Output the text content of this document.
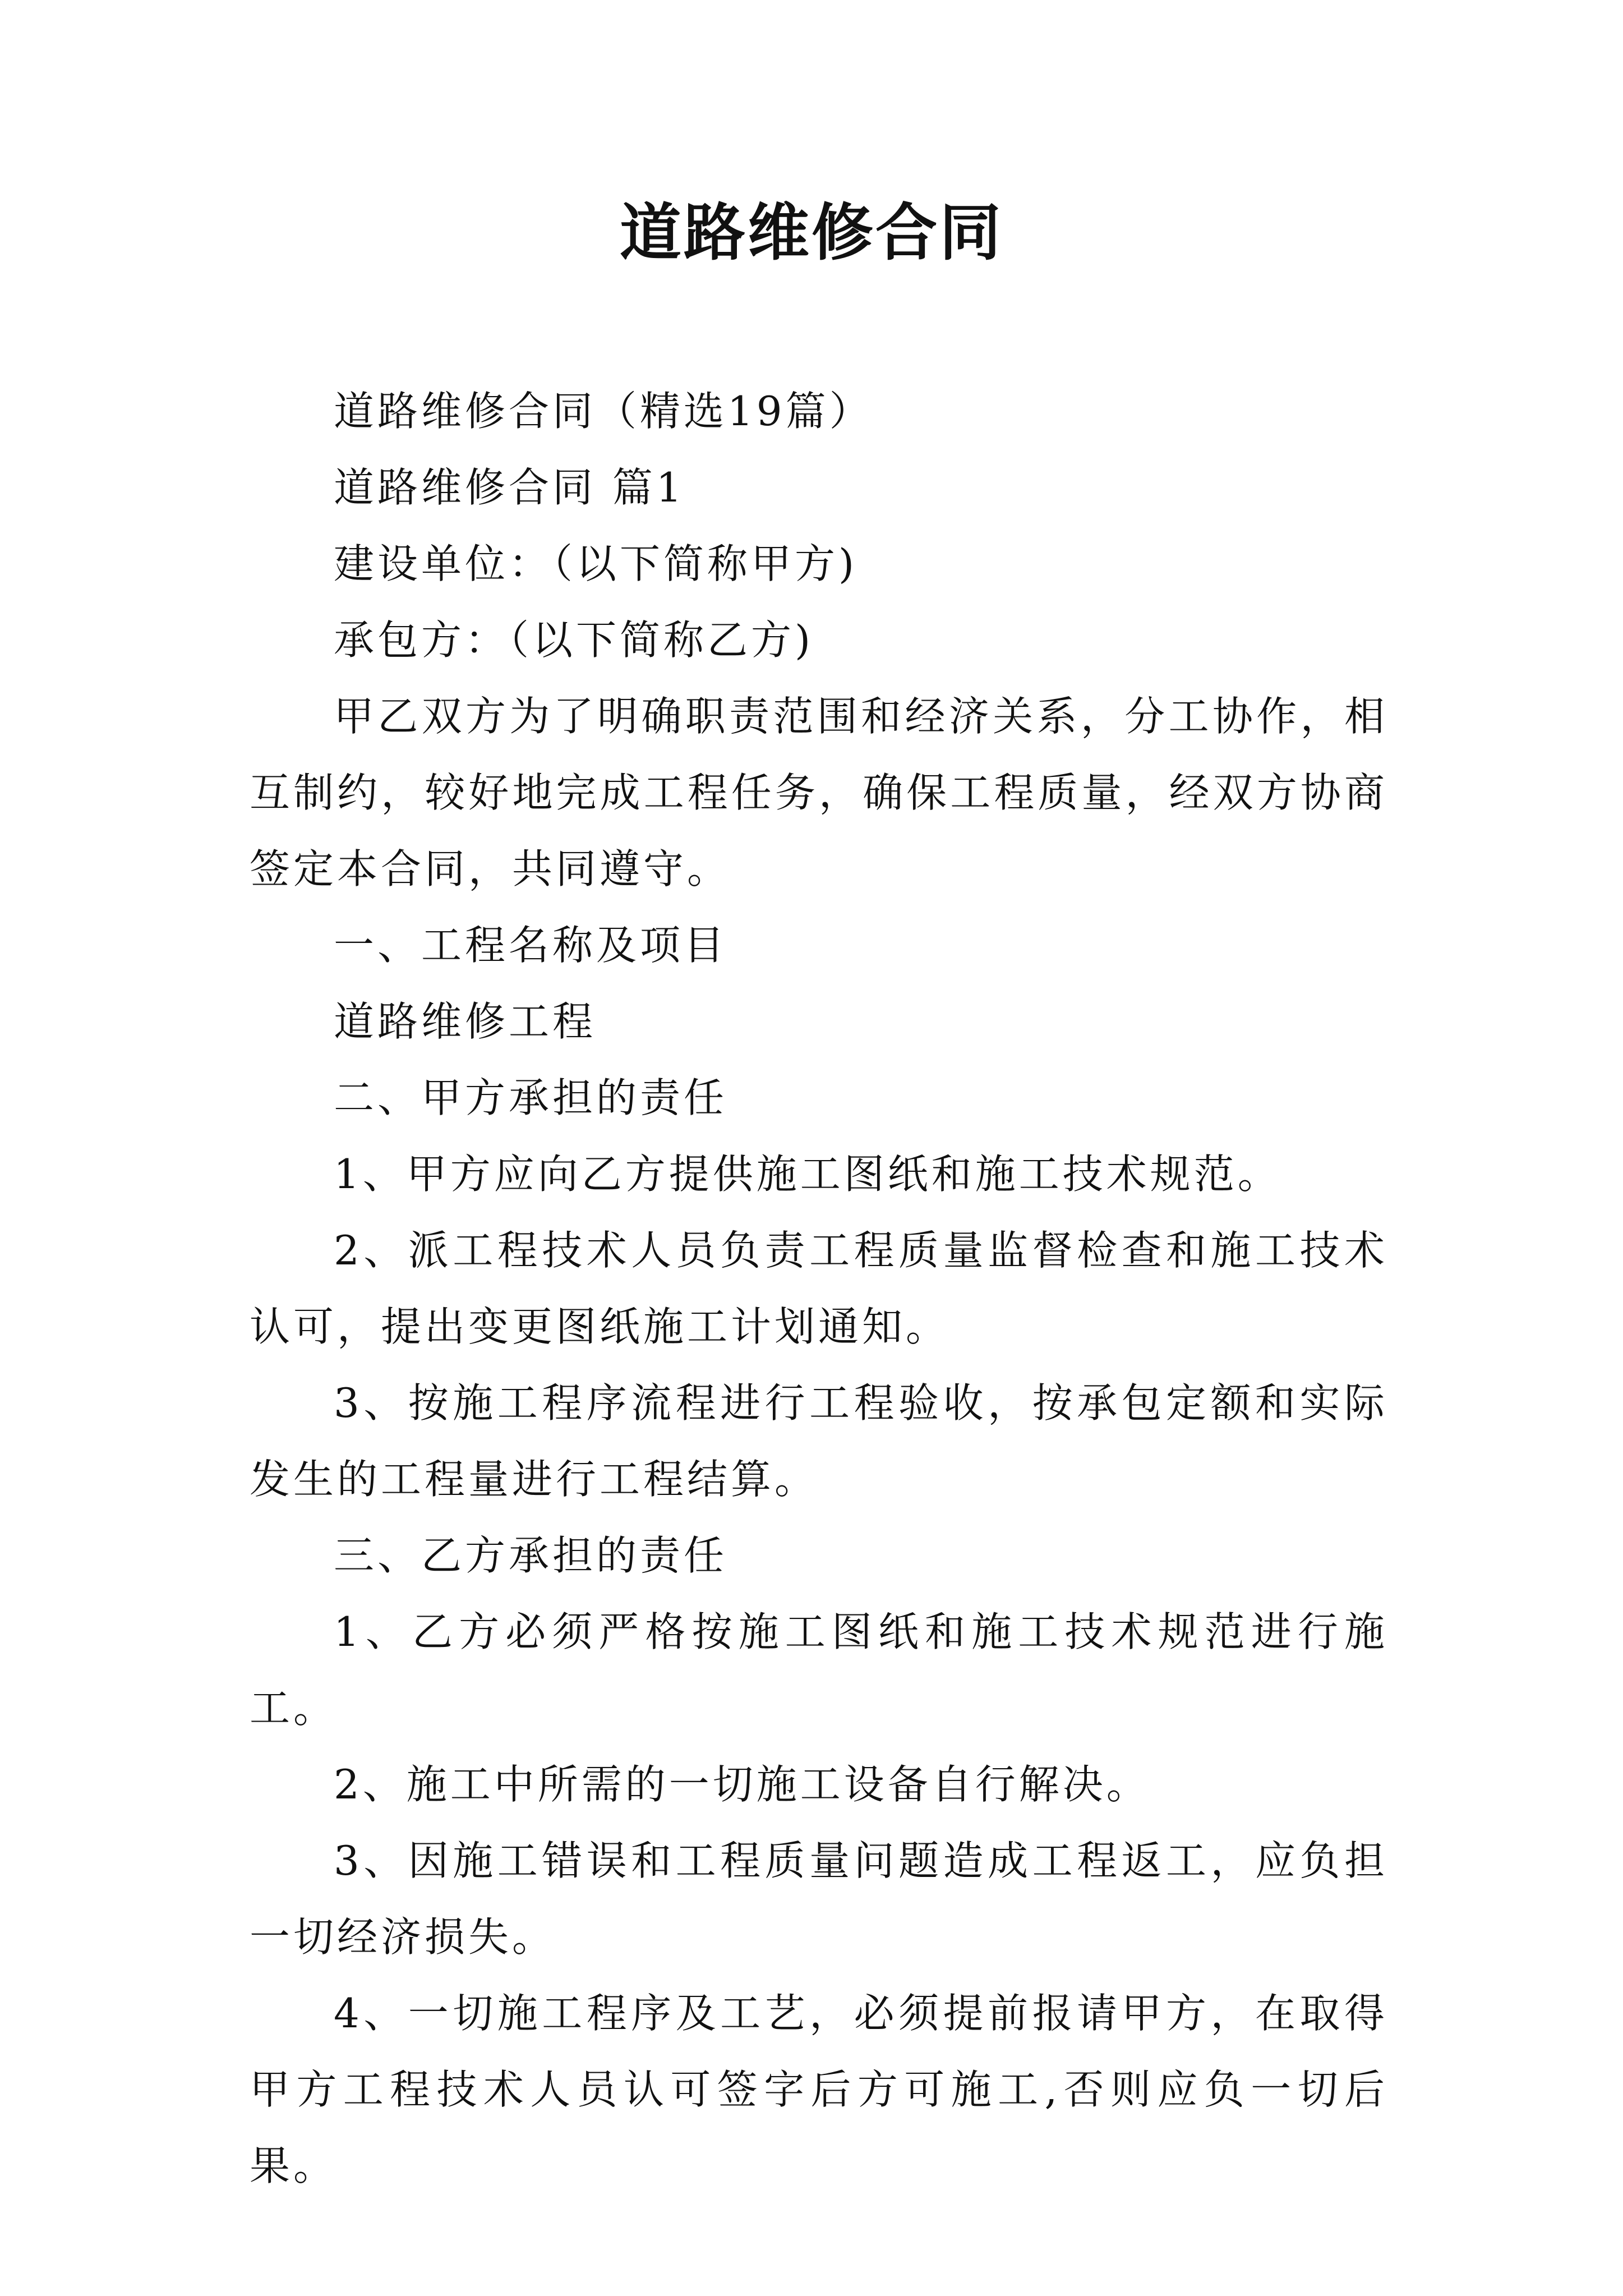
道路维修合同

道路维修合同（精选19篇）

道路维修合同 篇1

建设单位：（以下简称甲方)

承包方：（以下简称乙方)

甲乙双方为了明确职责范围和经济关系，分工协作，相互制约，较好地完成工程任务，确保工程质量，经双方协商签定本合同，共同遵守。

一、工程名称及项目

道路维修工程

二、甲方承担的责任

1、甲方应向乙方提供施工图纸和施工技术规范。

2、派工程技术人员负责工程质量监督检查和施工技术认可，提出变更图纸施工计划通知。

3、按施工程序流程进行工程验收，按承包定额和实际发生的工程量进行工程结算。

三、乙方承担的责任

1、乙方必须严格按施工图纸和施工技术规范进行施工。

2、施工中所需的一切施工设备自行解决。

3、因施工错误和工程质量问题造成工程返工，应负担一切经济损失。

4、一切施工程序及工艺，必须提前报请甲方，在取得甲方工程技术人员认可签字后方可施工,否则应负一切后果。
